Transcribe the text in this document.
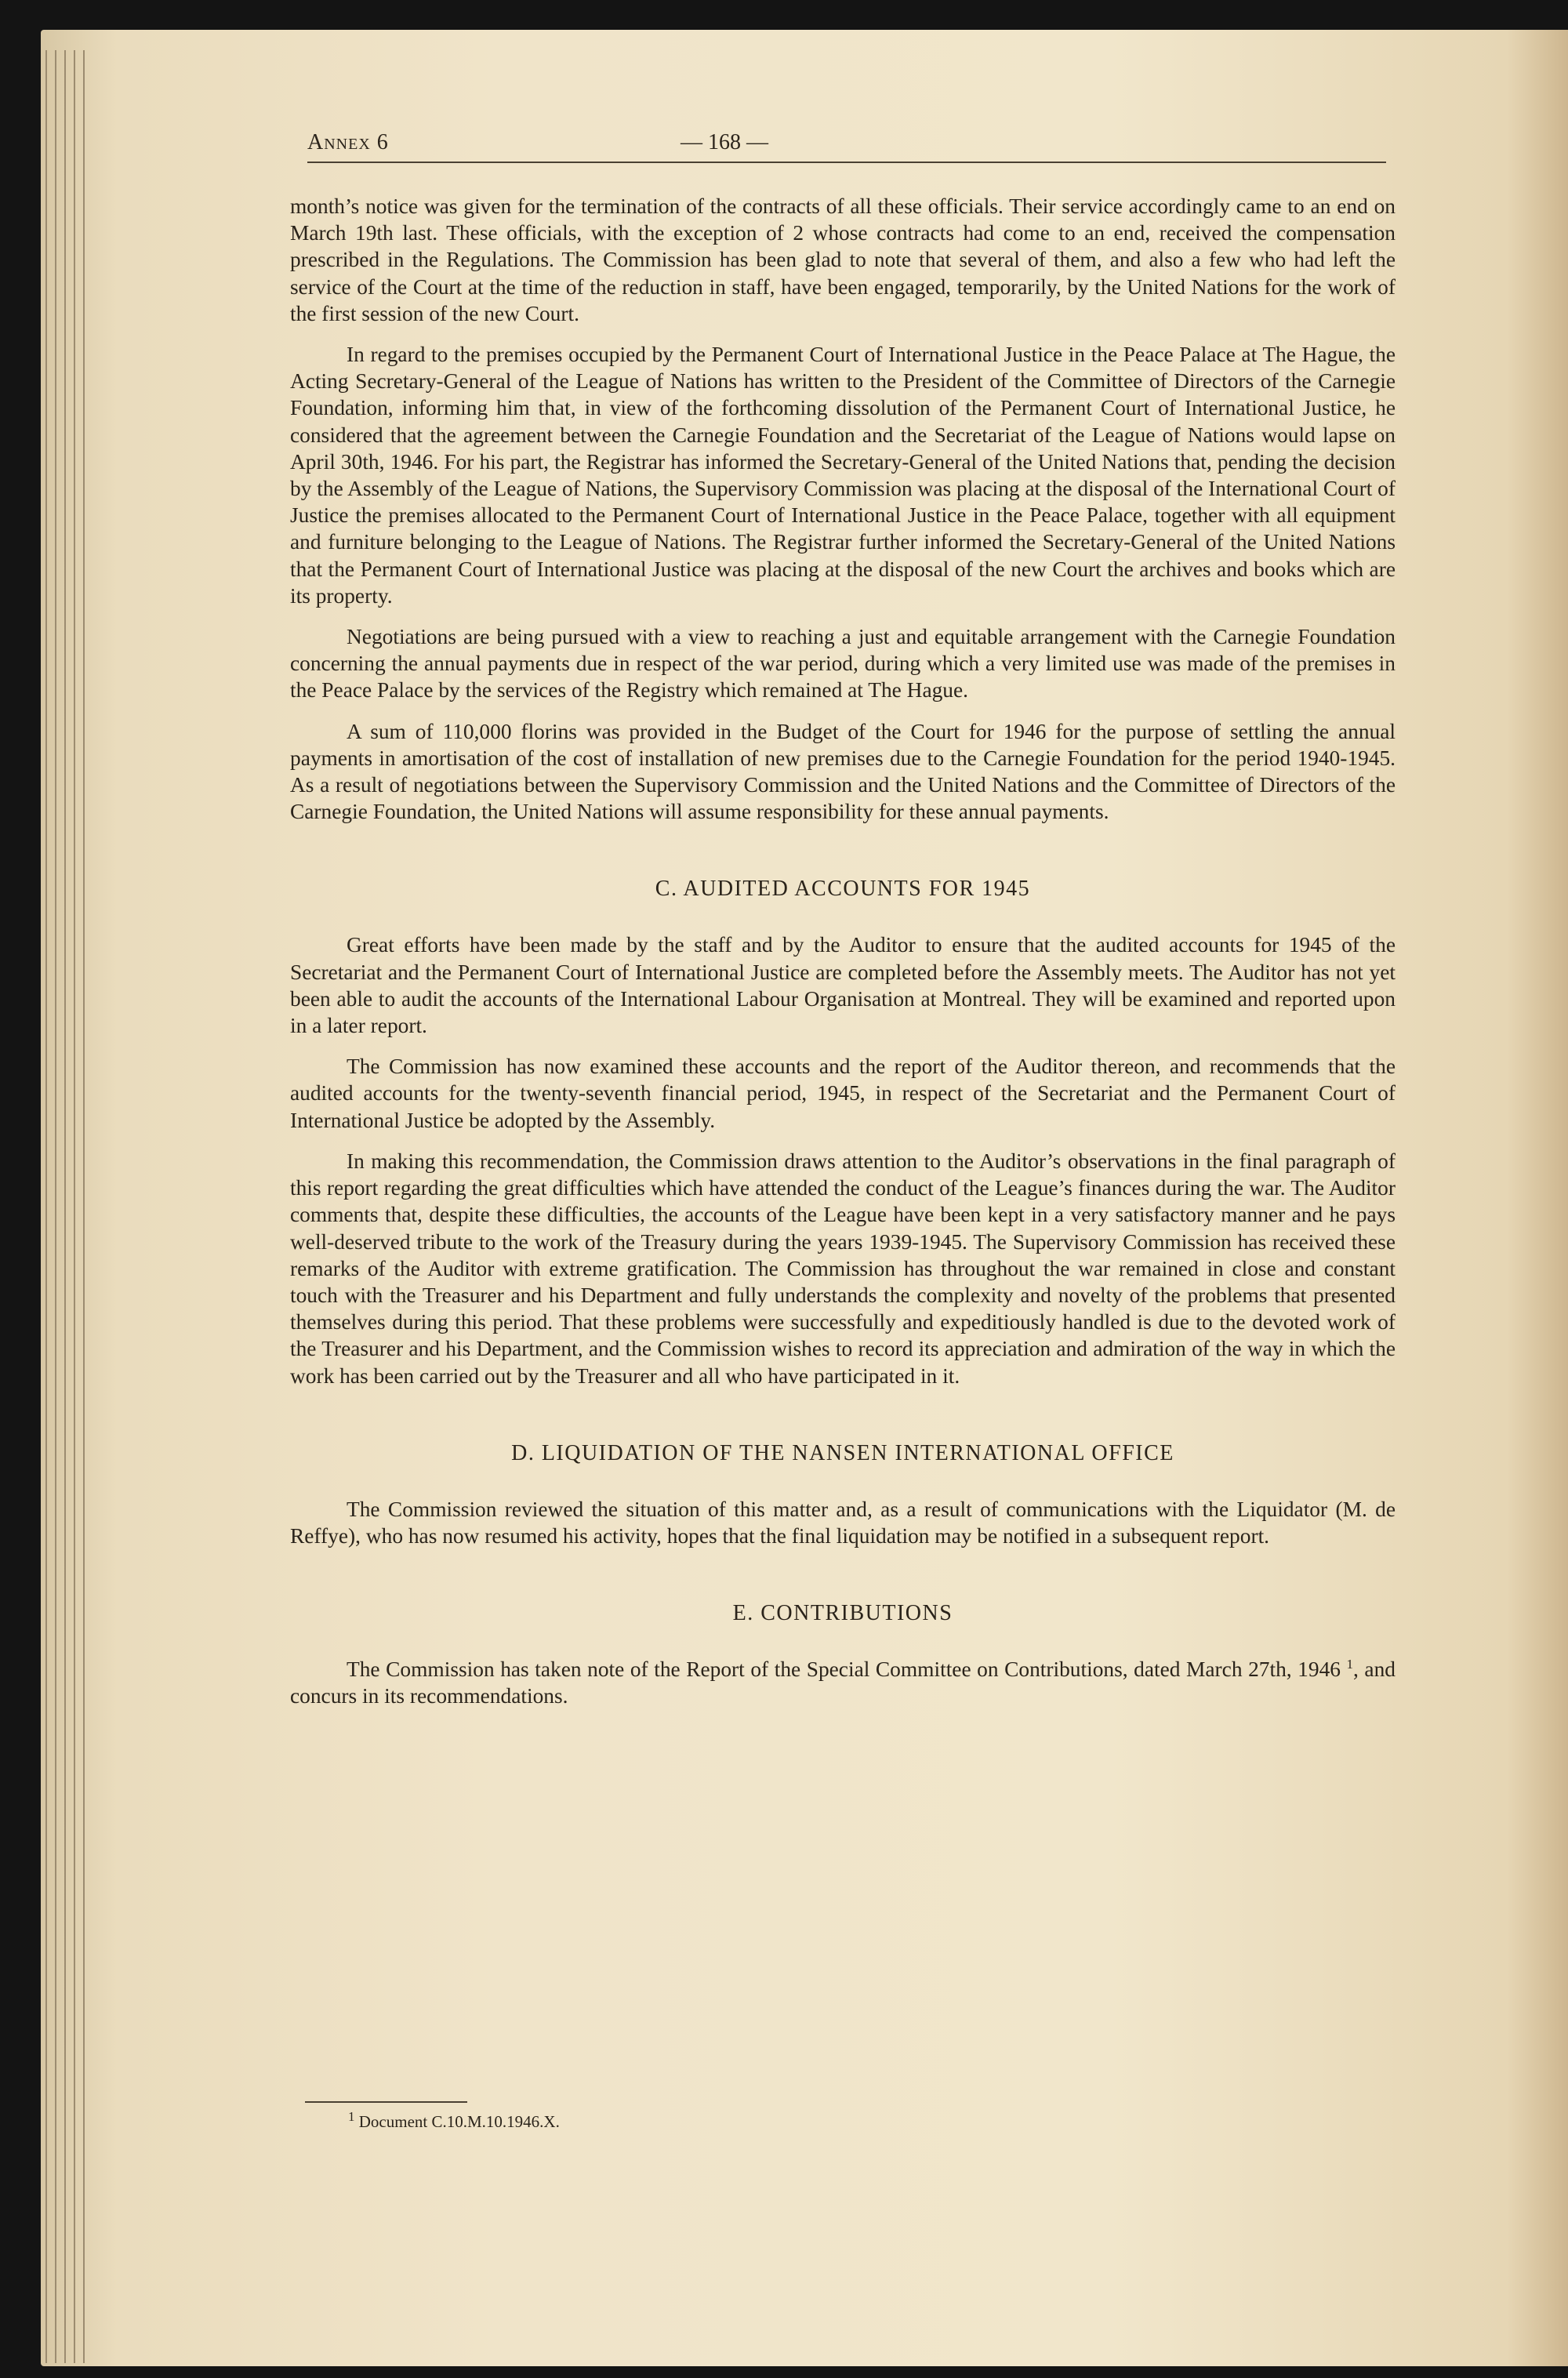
Annex 6	— 168 —

month’s notice was given for the termination of the contracts of all these officials. Their service accordingly came to an end on March 19th last. These officials, with the exception of 2 whose contracts had come to an end, received the compensation prescribed in the Regulations. The Commission has been glad to note that several of them, and also a few who had left the service of the Court at the time of the reduction in staff, have been engaged, temporarily, by the United Nations for the work of the first session of the new Court.

In regard to the premises occupied by the Permanent Court of International Justice in the Peace Palace at The Hague, the Acting Secretary-General of the League of Nations has written to the President of the Committee of Directors of the Carnegie Foundation, informing him that, in view of the forthcoming dissolution of the Permanent Court of International Justice, he considered that the agreement between the Carnegie Foundation and the Secretariat of the League of Nations would lapse on April 30th, 1946. For his part, the Registrar has informed the Secretary-General of the United Nations that, pending the decision by the Assembly of the League of Nations, the Supervisory Commission was placing at the disposal of the International Court of Justice the premises allocated to the Permanent Court of International Justice in the Peace Palace, together with all equipment and furniture belonging to the League of Nations. The Registrar further informed the Secretary-General of the United Nations that the Permanent Court of International Justice was placing at the disposal of the new Court the archives and books which are its property.

Negotiations are being pursued with a view to reaching a just and equitable arrangement with the Carnegie Foundation concerning the annual payments due in respect of the war period, during which a very limited use was made of the premises in the Peace Palace by the services of the Registry which remained at The Hague.

A sum of 110,000 florins was provided in the Budget of the Court for 1946 for the purpose of settling the annual payments in amortisation of the cost of installation of new premises due to the Carnegie Foundation for the period 1940-1945. As a result of negotiations between the Supervisory Commission and the United Nations and the Committee of Directors of the Carnegie Foundation, the United Nations will assume responsibility for these annual payments.

C. AUDITED ACCOUNTS FOR 1945

Great efforts have been made by the staff and by the Auditor to ensure that the audited accounts for 1945 of the Secretariat and the Permanent Court of International Justice are completed before the Assembly meets. The Auditor has not yet been able to audit the accounts of the International Labour Organisation at Montreal. They will be examined and reported upon in a later report.

The Commission has now examined these accounts and the report of the Auditor thereon, and recommends that the audited accounts for the twenty-seventh financial period, 1945, in respect of the Secretariat and the Permanent Court of International Justice be adopted by the Assembly.

In making this recommendation, the Commission draws attention to the Auditor’s observations in the final paragraph of this report regarding the great difficulties which have attended the conduct of the League’s finances during the war. The Auditor comments that, despite these difficulties, the accounts of the League have been kept in a very satisfactory manner and he pays well-deserved tribute to the work of the Treasury during the years 1939-1945. The Supervisory Commission has received these remarks of the Auditor with extreme gratification. The Commission has throughout the war remained in close and constant touch with the Treasurer and his Department and fully understands the complexity and novelty of the problems that presented themselves during this period. That these problems were successfully and expeditiously handled is due to the devoted work of the Treasurer and his Department, and the Commission wishes to record its appreciation and admiration of the way in which the work has been carried out by the Treasurer and all who have participated in it.

D. LIQUIDATION OF THE NANSEN INTERNATIONAL OFFICE

The Commission reviewed the situation of this matter and, as a result of communications with the Liquidator (M. de Reffye), who has now resumed his activity, hopes that the final liquidation may be notified in a subsequent report.

E. CONTRIBUTIONS

The Commission has taken note of the Report of the Special Committee on Contributions, dated March 27th, 1946 $^1$, and concurs in its recommendations.

$^1$ Document C.10.M.10.1946.X.
